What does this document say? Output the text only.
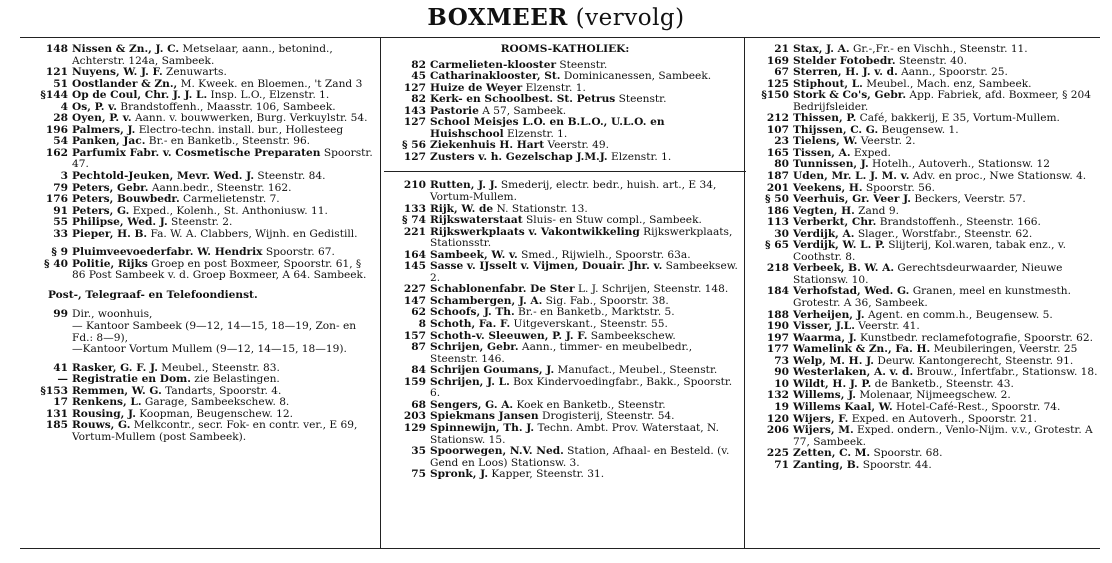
BOXMEER (vervolg)
148 Nissen & Zn., J. C. Metselaar, aann., betonind., Achterstr. 124a, Sambeek.
121 Nuyens, W. J. F. Zenuwarts.
51 Oostlander & Zn., M. Kweek. en Bloemen., 't Zand 3
§144 Op de Coul, Chr. J. J. L. Insp. L.O., Elzenstr. 1.
4 Os, P. v. Brandstoffenh., Maasstr. 106, Sambeek.
28 Oyen, P. v. Aann. v. bouwwerken, Burg. Verkuylstr. 54.
196 Palmers, J. Electro-techn. install. bur., Hollesteeg
54 Panken, Jac. Br.- en Banketb., Steenstr. 96.
162 Parfumix Fabr. v. Cosmetische Preparaten Spoorstr. 47.
3 Pechtold-Jeuken, Mevr. Wed. J. Steenstr. 84.
79 Peters, Gebr. Aann.bedr., Steenstr. 162.
176 Peters, Bouwbedr. Carmelietenstr. 7.
91 Peters, G. Exped., Kolenh., St. Anthoniusw. 11.
55 Philipse, Wed. J. Steenstr. 2.
33 Pieper, H. B. Fa. W. A. Clabbers, Wijnh. en Gedistill.
§ 9 Pluimveevoederfabr. W. Hendrix Spoorstr. 67.
§ 40 Politie, Rijks Groep en post Boxmeer, Spoorstr. 61, § 86 Post Sambeek v. d. Groep Boxmeer, A 64. Sambeek.
Post-, Telegraaf- en Telefoondienst.
99 Dir., woonhuis,
— Kantoor Sambeek (9—12, 14—15, 18—19, Zon- en Fd.: 8—9),
—Kantoor Vortum Mullem (9—12, 14—15, 18—19).
41 Rasker, G. F. J. Meubel., Steenstr. 83.
— Registratie en Dom. zie Belastingen.
§153 Remmen, W. G. Tandarts, Spoorstr. 4.
17 Renkens, L. Garage, Sambeekschew. 8.
131 Rousing, J. Koopman, Beugenschew. 12.
185 Rouws, G. Melkcontr., secr. Fok- en contr. ver., E 69, Vortum-Mullem (post Sambeek).
ROOMS-KATHOLIEK:
82 Carmelieten-klooster Steenstr.
45 Catharinaklooster, St. Dominicanessen, Sambeek.
127 Huize de Weyer Elzenstr. 1.
82 Kerk- en Schoolbest. St. Petrus Steenstr.
143 Pastorie A 57, Sambeek.
127 School Meisjes L.O. en B.L.O., U.L.O. en Huishschool Elzenstr. 1.
§ 56 Ziekenhuis H. Hart Veerstr. 49.
127 Zusters v. h. Gezelschap J.M.J. Elzenstr. 1.
210 Rutten, J. J. Smederij, electr. bedr., huish. art., E 34, Vortum-Mullem.
133 Rijk, W. de N. Stationstr. 13.
§ 74 Rijkswaterstaat Sluis- en Stuw compl., Sambeek.
221 Rijkswerkplaats v. Vakontwikkeling Rijkswerkplaats, Stationsstr.
164 Sambeek, W. v. Smed., Rijwielh., Spoorstr. 63a.
145 Sasse v. IJsselt v. Vijmen, Douair. Jhr. v. Sambeeksew. 2.
227 Schablonenfabr. De Ster L. J. Schrijen, Steenstr. 148.
147 Schambergen, J. A. Sig. Fab., Spoorstr. 38.
62 Schoofs, J. Th. Br.- en Banketb., Marktstr. 5.
8 Schoth, Fa. F. Uitgeverskant., Steenstr. 55.
157 Schoth-v. Sleeuwen, P. J. F. Sambeekschew.
87 Schrijen, Gebr. Aann., timmer- en meubelbedr., Steenstr. 146.
84 Schrijen Goumans, J. Manufact., Meubel., Steenstr.
159 Schrijen, J. L. Box Kindervoedingfabr., Bakk., Spoorstr. 6.
68 Sengers, G. A. Koek en Banketb., Steenstr.
203 Spiekmans Jansen Drogisterij, Steenstr. 54.
129 Spinnewijn, Th. J. Techn. Ambt. Prov. Waterstaat, N. Stationsw. 15.
35 Spoorwegen, N.V. Ned. Station, Afhaal- en Besteld. (v. Gend en Loos) Stationsw. 3.
75 Spronk, J. Kapper, Steenstr. 31.
21 Stax, J. A. Gr.-,Fr.- en Vischh., Steenstr. 11.
169 Stelder Fotobedr. Steenstr. 40.
67 Sterren, H. J. v. d. Aann., Spoorstr. 25.
125 Stiphout, L. Meubel., Mach. enz, Sambeek.
§150 Stork & Co's, Gebr. App. Fabriek, afd. Boxmeer, § 204 Bedrijfsleider.
212 Thissen, P. Café, bakkerij, E 35, Vortum-Mullem.
107 Thijssen, C. G. Beugensew. 1.
23 Tielens, W. Veerstr. 2.
165 Tissen, A. Exped.
80 Tunnissen, J. Hotelh., Autoverh., Stationsw. 12
187 Uden, Mr. L. J. M. v. Adv. en proc., Nwe Stationsw. 4.
201 Veekens, H. Spoorstr. 56.
§ 50 Veerhuis, Gr. Veer J. Beckers, Veerstr. 57.
186 Vegten, H. Zand 9.
113 Verberkt, Chr. Brandstoffenh., Steenstr. 166.
30 Verdijk, A. Slager., Worstfabr., Steenstr. 62.
§ 65 Verdijk, W. L. P. Slijterij, Kol.waren, tabak enz., v. Coothstr. 8.
218 Verbeek, B. W. A. Gerechtsdeurwaarder, Nieuwe Stationsw. 10.
184 Verhofstad, Wed. G. Granen, meel en kunstmesth. Grotestr. A 36, Sambeek.
188 Verheijen, J. Agent. en comm.h., Beugensew. 5.
190 Visser, J.L. Veerstr. 41.
197 Waarma, J. Kunstbedr. reclamefotografie, Spoorstr. 62.
177 Wamelink & Zn., Fa. H. Meubileringen, Veerstr. 25
73 Welp, M. H. J. Deurw. Kantongerecht, Steenstr. 91.
90 Westerlaken, A. v. d. Brouw., Infertfabr., Stationsw. 18.
10 Wildt, H. J. P. de Banketb., Steenstr. 43.
132 Willems, J. Molenaar, Nijmeegschew. 2.
19 Willems Kaal, W. Hotel-Café-Rest., Spoorstr. 74.
120 Wijers, F. Exped. en Autoverh., Spoorstr. 21.
206 Wijers, M. Exped. ondern., Venlo-Nijm. v.v., Grotestr. A 77, Sambeek.
225 Zetten, C. M. Spoorstr. 68.
71 Zanting, B. Spoorstr. 44.
